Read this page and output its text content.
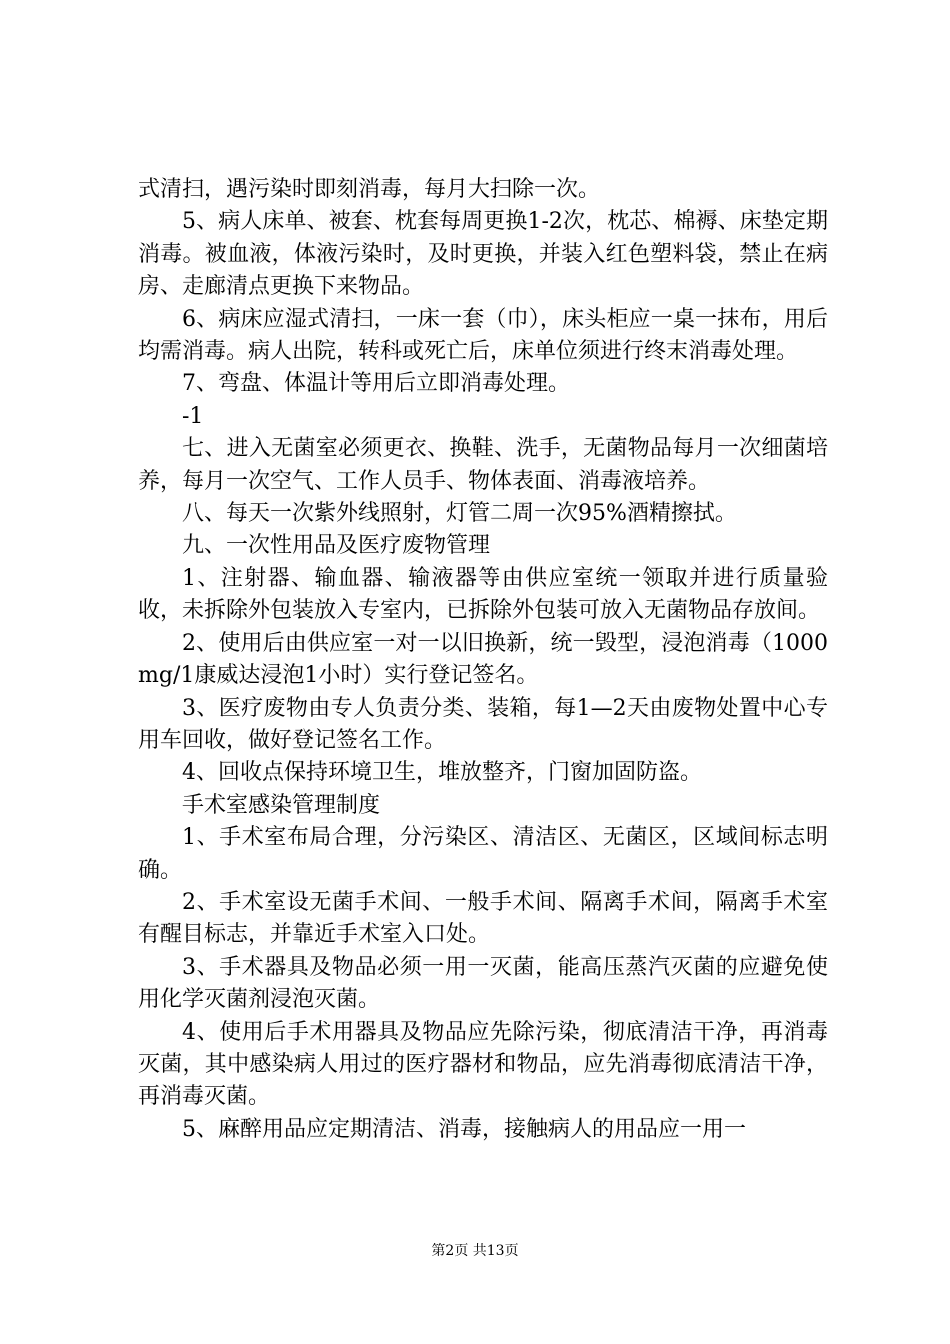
式清扫，遇污染时即刻消毒，每月大扫除一次。

5、病人床单、被套、枕套每周更换1-2次，枕芯、棉褥、床垫定期消毒。被血液，体液污染时，及时更换，并装入红色塑料袋，禁止在病房、走廊清点更换下来物品。

6、病床应湿式清扫，一床一套（巾），床头柜应一桌一抹布，用后均需消毒。病人出院，转科或死亡后，床单位须进行终末消毒处理。

7、弯盘、体温计等用后立即消毒处理。

-1

七、进入无菌室必须更衣、换鞋、洗手，无菌物品每月一次细菌培养，每月一次空气、工作人员手、物体表面、消毒液培养。

八、每天一次紫外线照射，灯管二周一次95%酒精擦拭。

九、一次性用品及医疗废物管理

1、注射器、输血器、输液器等由供应室统一领取并进行质量验收，未拆除外包装放入专室内，已拆除外包装可放入无菌物品存放间。

2、使用后由供应室一对一以旧换新，统一毁型，浸泡消毒（1000mg/1康威达浸泡1小时）实行登记签名。

3、医疗废物由专人负责分类、装箱，每1—2天由废物处置中心专用车回收，做好登记签名工作。

4、回收点保持环境卫生，堆放整齐，门窗加固防盗。

手术室感染管理制度

1、手术室布局合理，分污染区、清洁区、无菌区，区域间标志明确。

2、手术室设无菌手术间、一般手术间、隔离手术间，隔离手术室有醒目标志，并靠近手术室入口处。

3、手术器具及物品必须一用一灭菌，能高压蒸汽灭菌的应避免使用化学灭菌剂浸泡灭菌。

4、使用后手术用器具及物品应先除污染，彻底清洁干净，再消毒灭菌，其中感染病人用过的医疗器材和物品，应先消毒彻底清洁干净，再消毒灭菌。

5、麻醉用品应定期清洁、消毒，接触病人的用品应一用一

第2页 共13页
